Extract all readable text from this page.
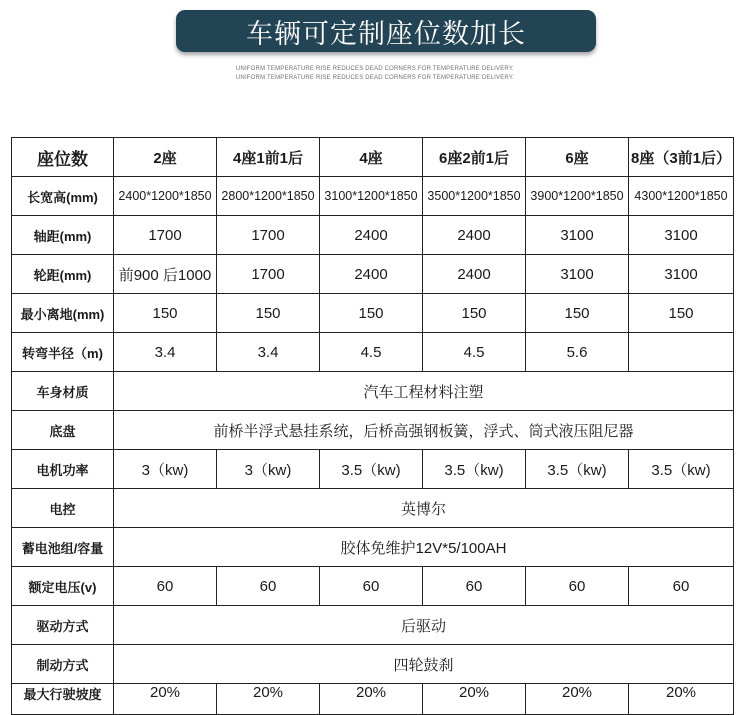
车辆可定制座位数加长
UNIFORM TEMPERATURE RISE REDUCES DEAD CORNERS FOR TEMPERATURE DELIVERY.
UNIFORM TEMPERATURE RISE REDUCES DEAD CORNERS FOR TEMPERATURE DELIVERY.
座位数	2座	4座1前1后	4座	6座2前1后	6座	8座（3前1后）
长宽高(mm)	2400*1200*1850	2800*1200*1850	3100*1200*1850	3500*1200*1850	3900*1200*1850	4300*1200*1850
轴距(mm)	1700	1700	2400	2400	3100	3100
轮距(mm)	前900 后1000	1700	2400	2400	3100	3100
最小离地(mm)	150	150	150	150	150	150
转弯半径（m)	3.4	3.4	4.5	4.5	5.6	
车身材质	汽车工程材料注塑					
底盘	前桥半浮式悬挂系统，后桥高强钢板簧，浮式、筒式液压阻尼器					
电机功率	3（kw)	3（kw)	3.5（kw)	3.5（kw)	3.5（kw)	3.5（kw)
电控	英博尔					
蓄电池组/容量	胶体免维护12V*5/100AH					
额定电压(v)	60	60	60	60	60	60
驱动方式	后驱动					
制动方式	四轮鼓刹					
最大行驶坡度	20%	20%	20%	20%	20%	20%
